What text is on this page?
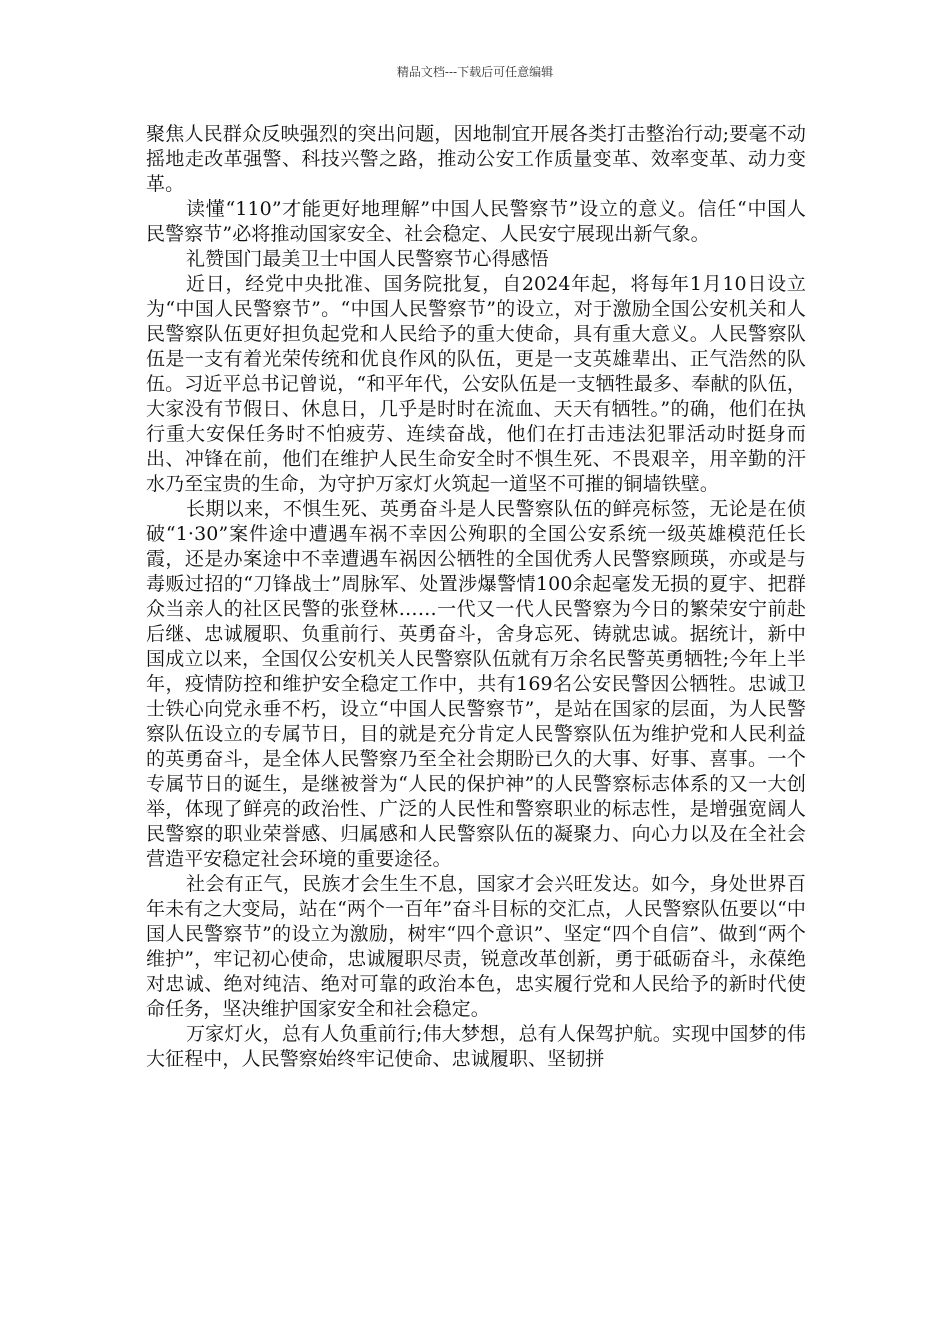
精品文档---下载后可任意编辑

聚焦人民群众反映强烈的突出问题，因地制宜开展各类打击整治行动;要毫不动摇地走改革强警、科技兴警之路，推动公安工作质量变革、效率变革、动力变革。

读懂“110”才能更好地理解”中国人民警察节”设立的意义。信任“中国人民警察节”必将推动国家安全、社会稳定、人民安宁展现出新气象。

礼赞国门最美卫士中国人民警察节心得感悟

近日，经党中央批准、国务院批复，自2024年起，将每年1月10日设立为“中国人民警察节”。“中国人民警察节”的设立，对于激励全国公安机关和人民警察队伍更好担负起党和人民给予的重大使命，具有重大意义。人民警察队伍是一支有着光荣传统和优良作风的队伍，更是一支英雄辈出、正气浩然的队伍。习近平总书记曾说，“和平年代，公安队伍是一支牺牲最多、奉献的队伍，大家没有节假日、休息日，几乎是时时在流血、天天有牺牲。”的确，他们在执行重大安保任务时不怕疲劳、连续奋战，他们在打击违法犯罪活动时挺身而出、冲锋在前，他们在维护人民生命安全时不惧生死、不畏艰辛，用辛勤的汗水乃至宝贵的生命，为守护万家灯火筑起一道坚不可摧的铜墙铁壁。

长期以来，不惧生死、英勇奋斗是人民警察队伍的鲜亮标签，无论是在侦破“1·30”案件途中遭遇车祸不幸因公殉职的全国公安系统一级英雄模范任长霞，还是办案途中不幸遭遇车祸因公牺牲的全国优秀人民警察顾瑛，亦或是与毒贩过招的“刀锋战士”周脉军、处置涉爆警情100余起毫发无损的夏宇、把群众当亲人的社区民警的张登林……一代又一代人民警察为今日的繁荣安宁前赴后继、忠诚履职、负重前行、英勇奋斗，舍身忘死、铸就忠诚。据统计，新中国成立以来，全国仅公安机关人民警察队伍就有万余名民警英勇牺牲;今年上半年，疫情防控和维护安全稳定工作中，共有169名公安民警因公牺牲。忠诚卫士铁心向党永垂不朽，设立“中国人民警察节”，是站在国家的层面，为人民警察队伍设立的专属节日，目的就是充分肯定人民警察队伍为维护党和人民利益的英勇奋斗，是全体人民警察乃至全社会期盼已久的大事、好事、喜事。一个专属节日的诞生，是继被誉为“人民的保护神”的人民警察标志体系的又一大创举，体现了鲜亮的政治性、广泛的人民性和警察职业的标志性，是增强宽阔人民警察的职业荣誉感、归属感和人民警察队伍的凝聚力、向心力以及在全社会营造平安稳定社会环境的重要途径。

社会有正气，民族才会生生不息，国家才会兴旺发达。如今，身处世界百年未有之大变局，站在“两个一百年”奋斗目标的交汇点，人民警察队伍要以“中国人民警察节”的设立为激励，树牢“四个意识”、坚定“四个自信”、做到“两个维护”，牢记初心使命，忠诚履职尽责，锐意改革创新，勇于砥砺奋斗，永葆绝对忠诚、绝对纯洁、绝对可靠的政治本色，忠实履行党和人民给予的新时代使命任务，坚决维护国家安全和社会稳定。

万家灯火，总有人负重前行;伟大梦想，总有人保驾护航。实现中国梦的伟大征程中，人民警察始终牢记使命、忠诚履职、坚韧拼
